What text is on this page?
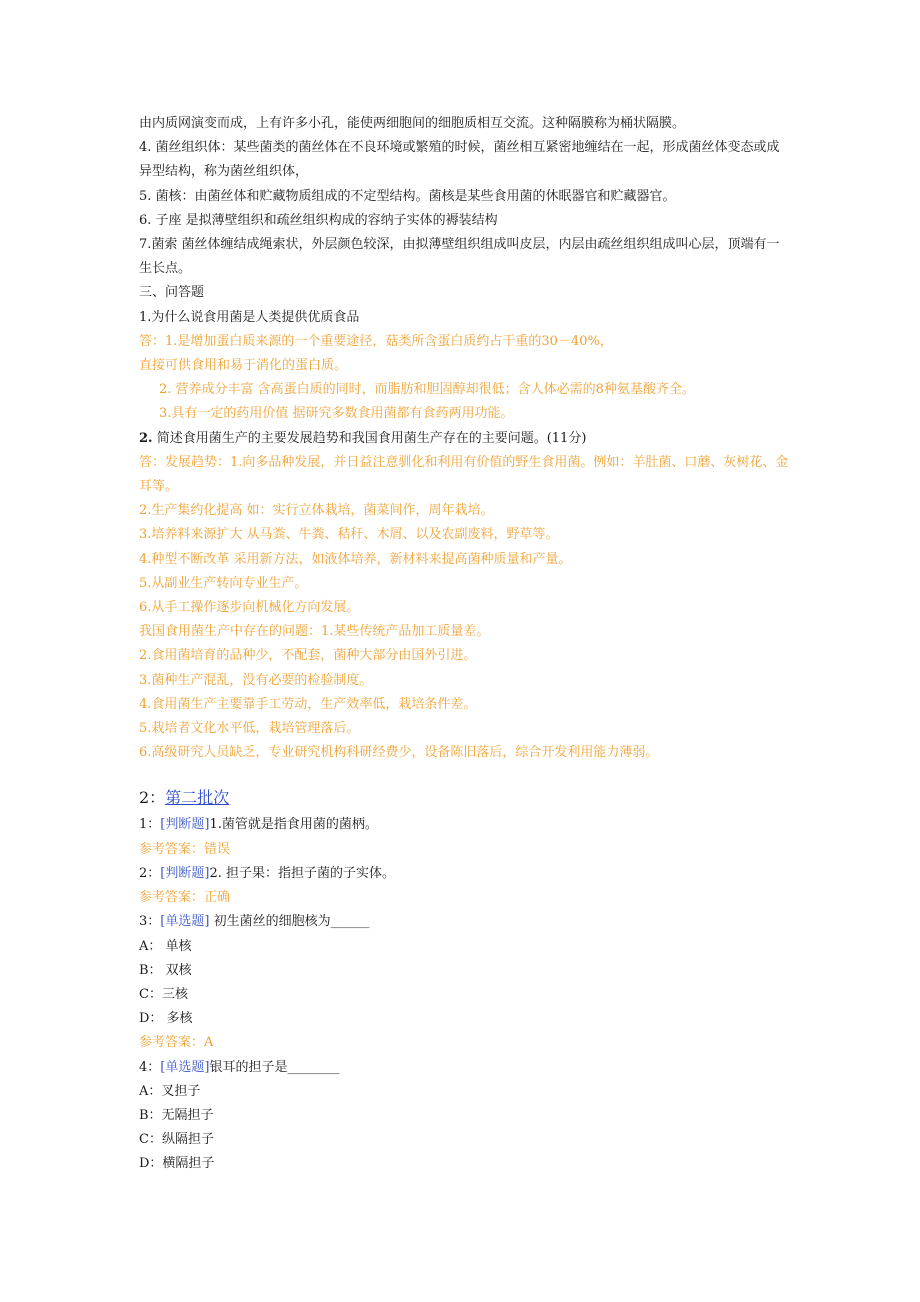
由内质网演变而成，上有许多小孔，能使两细胞间的细胞质相互交流。这种隔膜称为桶状隔膜。
4. 菌丝组织体：某些菌类的菌丝体在不良环境或繁殖的时候，菌丝相互紧密地缠结在一起，形成菌丝体变态或成异型结构，称为菌丝组织体，
5. 菌核：由菌丝体和贮藏物质组成的不定型结构。菌核是某些食用菌的休眠器官和贮藏器官。
6. 子座 是拟薄壁组织和疏丝组织构成的容纳子实体的褥装结构
7.菌索 菌丝体缠结成绳索状，外层颜色较深，由拟薄壁组织组成叫皮层，内层由疏丝组织组成叫心层，顶端有一生长点。
三、问答题
1.为什么说食用菌是人类提供优质食品
答：1.是增加蛋白质来源的一个重要途径，菇类所含蛋白质约占干重的30－40%，
直接可供食用和易于消化的蛋白质。
2. 营养成分丰富 含高蛋白质的同时，而脂肪和胆固醇却很低；含人体必需的8种氨基酸齐全。
3.具有一定的药用价值 据研究多数食用菌都有食药两用功能。
2. 简述食用菌生产的主要发展趋势和我国食用菌生产存在的主要问题。(11分)
答：发展趋势：1.向多品种发展，并日益注意驯化和利用有价值的野生食用菌。例如：羊肚菌、口蘑、灰树花、金耳等。
2.生产集约化提高 如：实行立体栽培，菌菜间作，周年栽培。
3.培养料来源扩大 从马粪、牛粪、秸秆、木屑、以及农副废料，野草等。
4.种型不断改革 采用新方法，如液体培养，新材料来提高菌种质量和产量。
5.从副业生产转向专业生产。
6.从手工操作逐步向机械化方向发展。
我国食用菌生产中存在的问题：1.某些传统产品加工质量差。
2.食用菌培育的品种少，不配套，菌种大部分由国外引进。
3.菌种生产混乱，没有必要的检验制度。
4.食用菌生产主要靠手工劳动，生产效率低，栽培条件差。
5.栽培者文化水平低，栽培管理落后。
6.高级研究人员缺乏，专业研究机构科研经费少，设备陈旧落后，综合开发利用能力薄弱。
2：第二批次
1：[判断题]1.菌管就是指食用菌的菌柄。
参考答案：错误
2：[判断题]2. 担子果：指担子菌的子实体。
参考答案：正确
3：[单选题] 初生菌丝的细胞核为______
A： 单核
B： 双核
C：三核
D： 多核
参考答案：A
4：[单选题]银耳的担子是________
A：叉担子
B：无隔担子
C：纵隔担子
D：横隔担子
